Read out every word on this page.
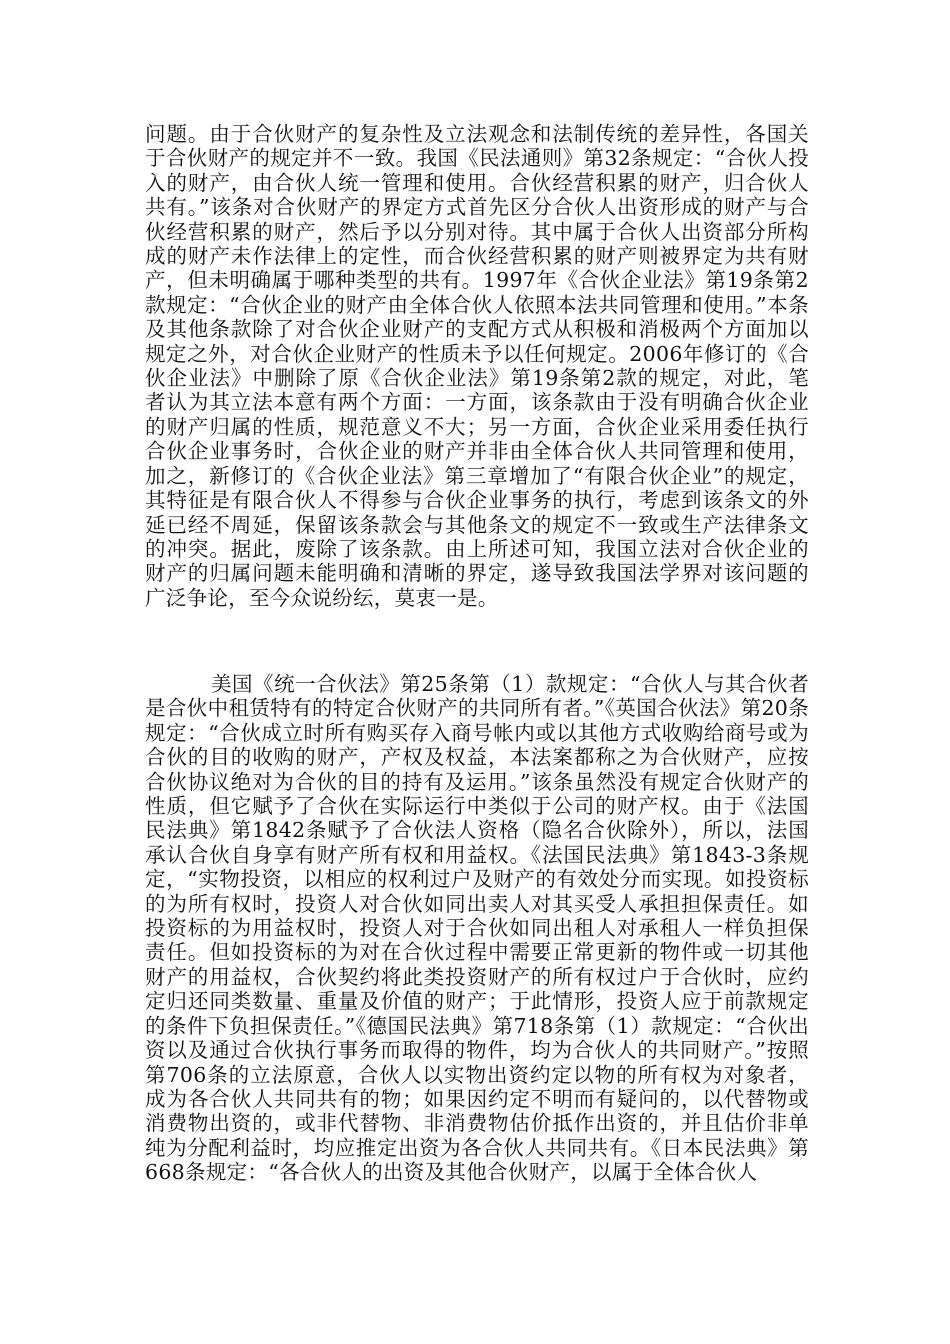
问题。由于合伙财产的复杂性及立法观念和法制传统的差异性，各国关于合伙财产的规定并不一致。我国《民法通则》第32条规定：“合伙人投入的财产，由合伙人统一管理和使用。合伙经营积累的财产，归合伙人共有。”该条对合伙财产的界定方式首先区分合伙人出资形成的财产与合伙经营积累的财产，然后予以分别对待。其中属于合伙人出资部分所构成的财产未作法律上的定性，而合伙经营积累的财产则被界定为共有财产，但未明确属于哪种类型的共有。1997年《合伙企业法》第19条第2款规定：“合伙企业的财产由全体合伙人依照本法共同管理和使用。”本条及其他条款除了对合伙企业财产的支配方式从积极和消极两个方面加以规定之外，对合伙企业财产的性质未予以任何规定。2006年修订的《合伙企业法》中删除了原《合伙企业法》第19条第2款的规定，对此，笔者认为其立法本意有两个方面：一方面，该条款由于没有明确合伙企业的财产归属的性质，规范意义不大；另一方面，合伙企业采用委任执行合伙企业事务时，合伙企业的财产并非由全体合伙人共同管理和使用，加之，新修订的《合伙企业法》第三章增加了“有限合伙企业”的规定，其特征是有限合伙人不得参与合伙企业事务的执行，考虑到该条文的外延已经不周延，保留该条款会与其他条文的规定不一致或生产法律条文的冲突。据此，废除了该条款。由上所述可知，我国立法对合伙企业的财产的归属问题未能明确和清晰的界定，遂导致我国法学界对该问题的广泛争论，至今众说纷纭，莫衷一是。

美国《统一合伙法》第25条第（1）款规定：“合伙人与其合伙者是合伙中租赁特有的特定合伙财产的共同所有者。”《英国合伙法》第20条规定：“合伙成立时所有购买存入商号帐内或以其他方式收购给商号或为合伙的目的收购的财产，产权及权益，本法案都称之为合伙财产，应按合伙协议绝对为合伙的目的持有及运用。”该条虽然没有规定合伙财产的性质，但它赋予了合伙在实际运行中类似于公司的财产权。由于《法国民法典》第1842条赋予了合伙法人资格（隐名合伙除外），所以，法国承认合伙自身享有财产所有权和用益权。《法国民法典》第1843-3条规定，“实物投资，以相应的权利过户及财产的有效处分而实现。如投资标的为所有权时，投资人对合伙如同出卖人对其买受人承担担保责任。如投资标的为用益权时，投资人对于合伙如同出租人对承租人一样负担保责任。但如投资标的为对在合伙过程中需要正常更新的物件或一切其他财产的用益权，合伙契约将此类投资财产的所有权过户于合伙时，应约定归还同类数量、重量及价值的财产；于此情形，投资人应于前款规定的条件下负担保责任。”《德国民法典》第718条第（1）款规定：“合伙出资以及通过合伙执行事务而取得的物件，均为合伙人的共同财产。”按照第706条的立法原意，合伙人以实物出资约定以物的所有权为对象者，成为各合伙人共同共有的物；如果因约定不明而有疑问的，以代替物或消费物出资的，或非代替物、非消费物估价抵作出资的，并且估价非单纯为分配利益时，均应推定出资为各合伙人共同共有。《日本民法典》第668条规定：“各合伙人的出资及其他合伙财产，以属于全体合伙人
